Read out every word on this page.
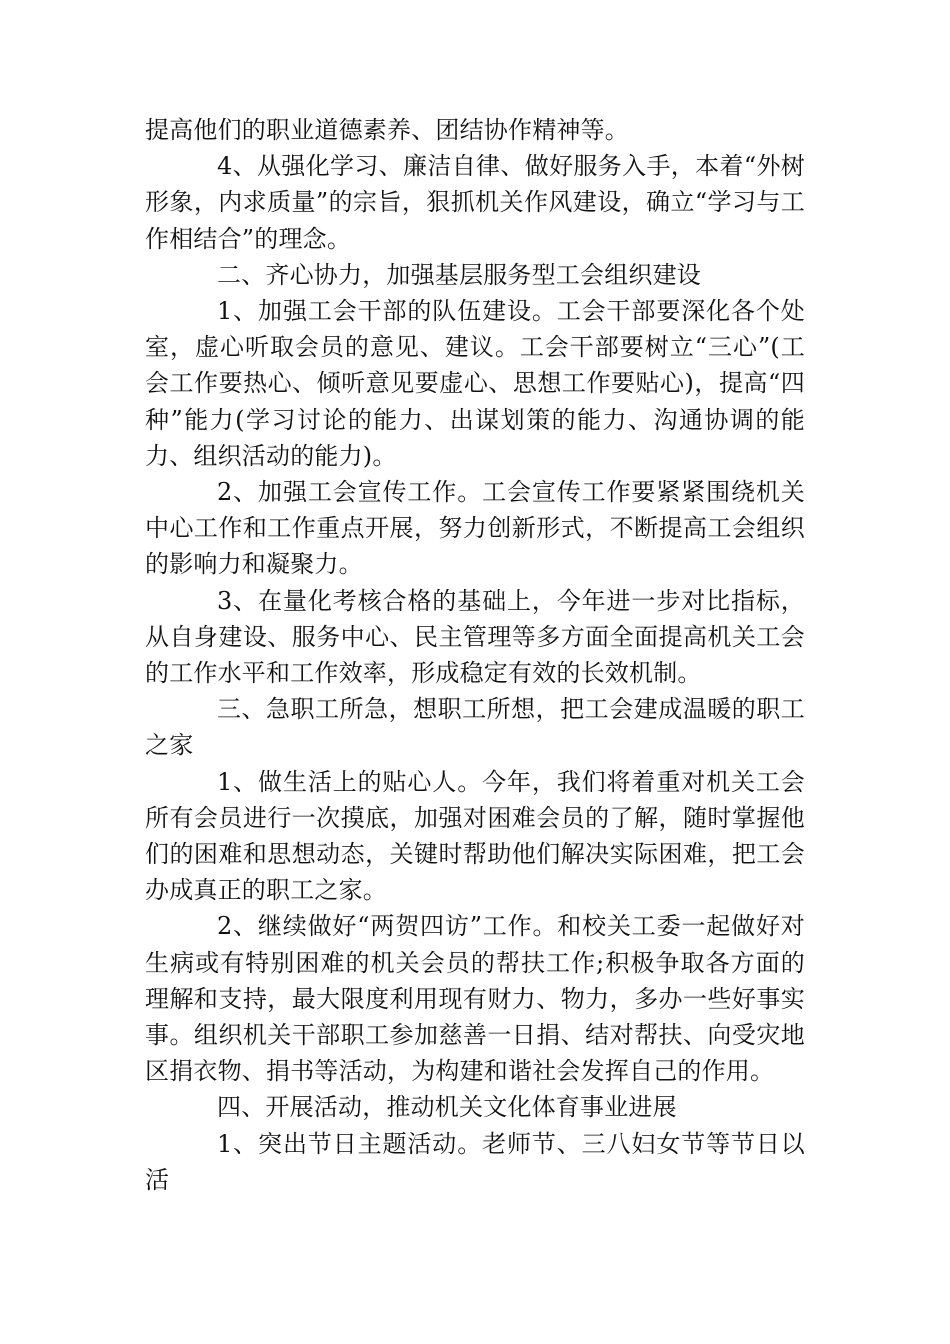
提高他们的职业道德素养、团结协作精神等。

4、从强化学习、廉洁自律、做好服务入手，本着“外树形象，内求质量”的宗旨，狠抓机关作风建设，确立“学习与工作相结合”的理念。

二、齐心协力，加强基层服务型工会组织建设

1、加强工会干部的队伍建设。工会干部要深化各个处室，虚心听取会员的意见、建议。工会干部要树立“三心”(工会工作要热心、倾听意见要虚心、思想工作要贴心)，提高“四种”能力(学习讨论的能力、出谋划策的能力、沟通协调的能力、组织活动的能力)。

2、加强工会宣传工作。工会宣传工作要紧紧围绕机关中心工作和工作重点开展，努力创新形式，不断提高工会组织的影响力和凝聚力。

3、在量化考核合格的基础上，今年进一步对比指标，从自身建设、服务中心、民主管理等多方面全面提高机关工会的工作水平和工作效率，形成稳定有效的长效机制。

三、急职工所急，想职工所想，把工会建成温暖的职工之家

1、做生活上的贴心人。今年，我们将着重对机关工会所有会员进行一次摸底，加强对困难会员的了解，随时掌握他们的困难和思想动态，关键时帮助他们解决实际困难，把工会办成真正的职工之家。

2、继续做好“两贺四访”工作。和校关工委一起做好对生病或有特别困难的机关会员的帮扶工作;积极争取各方面的理解和支持，最大限度利用现有财力、物力，多办一些好事实事。组织机关干部职工参加慈善一日捐、结对帮扶、向受灾地区捐衣物、捐书等活动，为构建和谐社会发挥自己的作用。

四、开展活动，推动机关文化体育事业进展

1、突出节日主题活动。老师节、三八妇女节等节日以活
